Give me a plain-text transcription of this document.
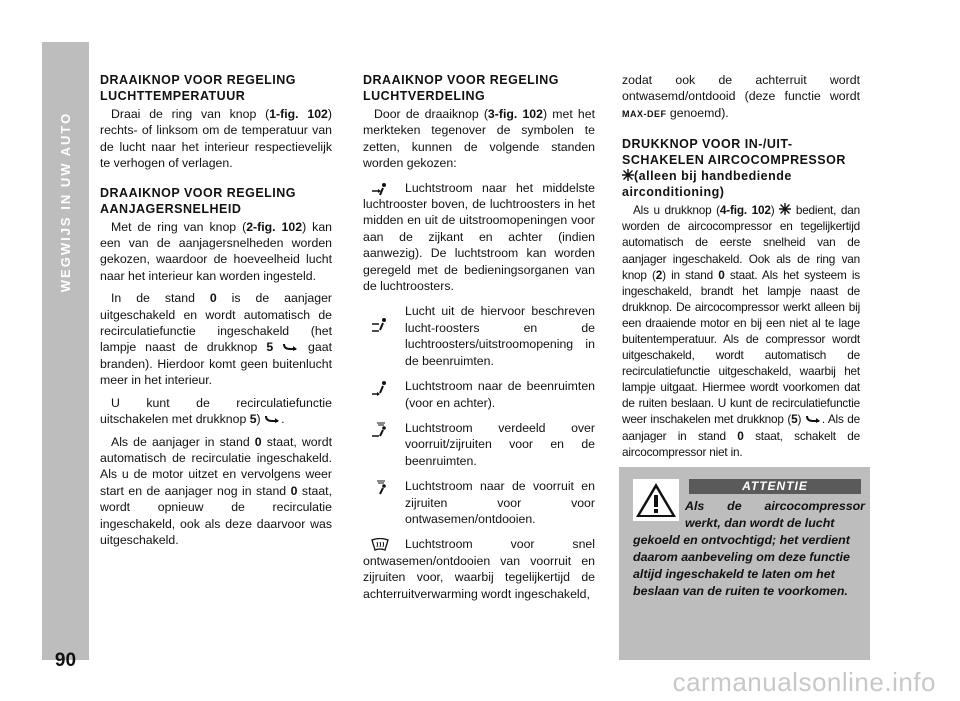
WEGWIJS IN UW AUTO
90
DRAAIKNOP VOOR REGELING LUCHTTEMPERATUUR

Draai de ring van knop (1-fig. 102) rechts- of linksom om de temperatuur van de lucht naar het interieur respectievelijk te verhogen of verlagen.

DRAAIKNOP VOOR REGELING AANJAGERSNELHEID

Met de ring van knop (2-fig. 102) kan een van de aanjagersnelheden worden gekozen, waardoor de hoeveelheid lucht naar het interieur kan worden ingesteld.

In de stand 0 is de aanjager uitgeschakeld en wordt automatisch de recirculatiefunctie ingeschakeld (het lampje naast de drukknop 5  gaat branden). Hierdoor komt geen buitenlucht meer in het interieur.

U kunt de recirculatiefunctie uitschakelen met drukknop 5) .

Als de aanjager in stand 0 staat, wordt automatisch de recirculatie ingeschakeld. Als u de motor uitzet en vervolgens weer start en de aanjager nog in stand 0 staat, wordt opnieuw de recirculatie ingeschakeld, ook als deze daarvoor was uitgeschakeld.

DRAAIKNOP VOOR REGELING LUCHTVERDELING

Door de draaiknop (3-fig. 102) met het merkteken tegenover de symbolen te zetten, kunnen de volgende standen worden gekozen:

Luchtstroom naar het middelste luchtrooster boven, de luchtroosters in het midden en uit de uitstroomopeningen voor aan de zijkant en achter (indien aanwezig). De luchtstroom kan worden geregeld met de bedieningsorganen van de luchtroosters.

Lucht uit de hiervoor beschreven lucht-roosters en de luchtroosters/uitstroomopening in de beenruimten.

Luchtstroom naar de beenruimten (voor en achter).

Luchtstroom verdeeld over voorruit/zijruiten voor en de beenruimten.

Luchtstroom naar de voorruit en zijruiten voor voor ontwasemen/ontdooien.

Luchtstroom voor snel ontwasemen/ontdooien van voorruit en zijruiten voor, waarbij tegelijkertijd de achterruitverwarming wordt ingeschakeld,

zodat ook de achterruit wordt ontwasemd/ontdooid (deze functie wordt MAX-DEF genoemd).

DRUKKNOP VOOR IN-/UIT-SCHAKELEN AIRCOCOMPRESSOR (alleen bij handbediende airconditioning)

Als u drukknop (4-fig. 102)  bedient, dan worden de aircocompressor en tegelijkertijd automatisch de eerste snelheid van de aanjager ingeschakeld. Ook als de ring van knop (2) in stand 0 staat. Als het systeem is ingeschakeld, brandt het lampje naast de drukknop. De aircocompressor werkt alleen bij een draaiende motor en bij een niet al te lage buitentemperatuur. Als de compressor wordt uitgeschakeld, wordt automatisch de recirculatiefunctie uitgeschakeld, waarbij het lampje uitgaat. Hiermee wordt voorkomen dat de ruiten beslaan. U kunt de recirculatiefunctie weer inschakelen met drukknop (5) . Als de aanjager in stand 0 staat, schakelt de aircocompressor niet in.

ATTENTIE
Als de aircocompressor werkt, dan wordt de lucht
gekoeld en ontvochtigd; het verdient daarom aanbeveling om deze functie altijd ingeschakeld te laten om het beslaan van de ruiten te voorkomen.
carmanualsonline.info
